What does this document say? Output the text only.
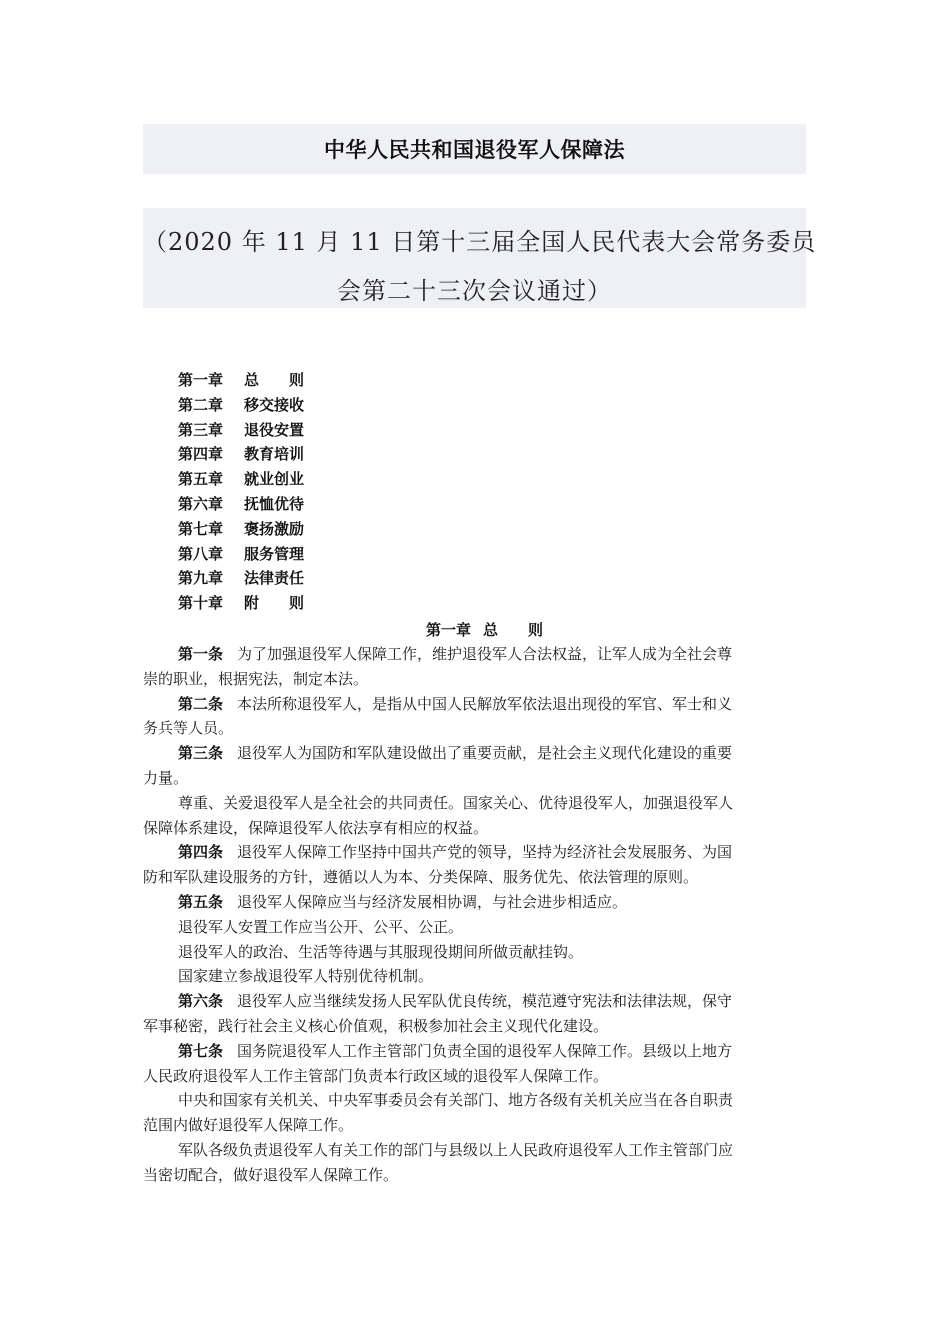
中华人民共和国退役军人保障法
（2020 年 11 月 11 日第十三届全国人民代表大会常务委员
会第二十三次会议通过）
第一章 总　　则
第二章 移交接收
第三章 退役安置
第四章 教育培训
第五章 就业创业
第六章 抚恤优待
第七章 褒扬激励
第八章 服务管理
第九章 法律责任
第十章 附　　则
第一章 总　　则
第一条 为了加强退役军人保障工作，维护退役军人合法权益，让军人成为全社会尊
崇的职业，根据宪法，制定本法。
第二条 本法所称退役军人，是指从中国人民解放军依法退出现役的军官、军士和义
务兵等人员。
第三条 退役军人为国防和军队建设做出了重要贡献，是社会主义现代化建设的重要
力量。
尊重、关爱退役军人是全社会的共同责任。国家关心、优待退役军人，加强退役军人
保障体系建设，保障退役军人依法享有相应的权益。
第四条 退役军人保障工作坚持中国共产党的领导，坚持为经济社会发展服务、为国
防和军队建设服务的方针，遵循以人为本、分类保障、服务优先、依法管理的原则。
第五条 退役军人保障应当与经济发展相协调，与社会进步相适应。
退役军人安置工作应当公开、公平、公正。
退役军人的政治、生活等待遇与其服现役期间所做贡献挂钩。
国家建立参战退役军人特别优待机制。
第六条 退役军人应当继续发扬人民军队优良传统，模范遵守宪法和法律法规，保守
军事秘密，践行社会主义核心价值观，积极参加社会主义现代化建设。
第七条 国务院退役军人工作主管部门负责全国的退役军人保障工作。县级以上地方
人民政府退役军人工作主管部门负责本行政区域的退役军人保障工作。
中央和国家有关机关、中央军事委员会有关部门、地方各级有关机关应当在各自职责
范围内做好退役军人保障工作。
军队各级负责退役军人有关工作的部门与县级以上人民政府退役军人工作主管部门应
当密切配合，做好退役军人保障工作。
